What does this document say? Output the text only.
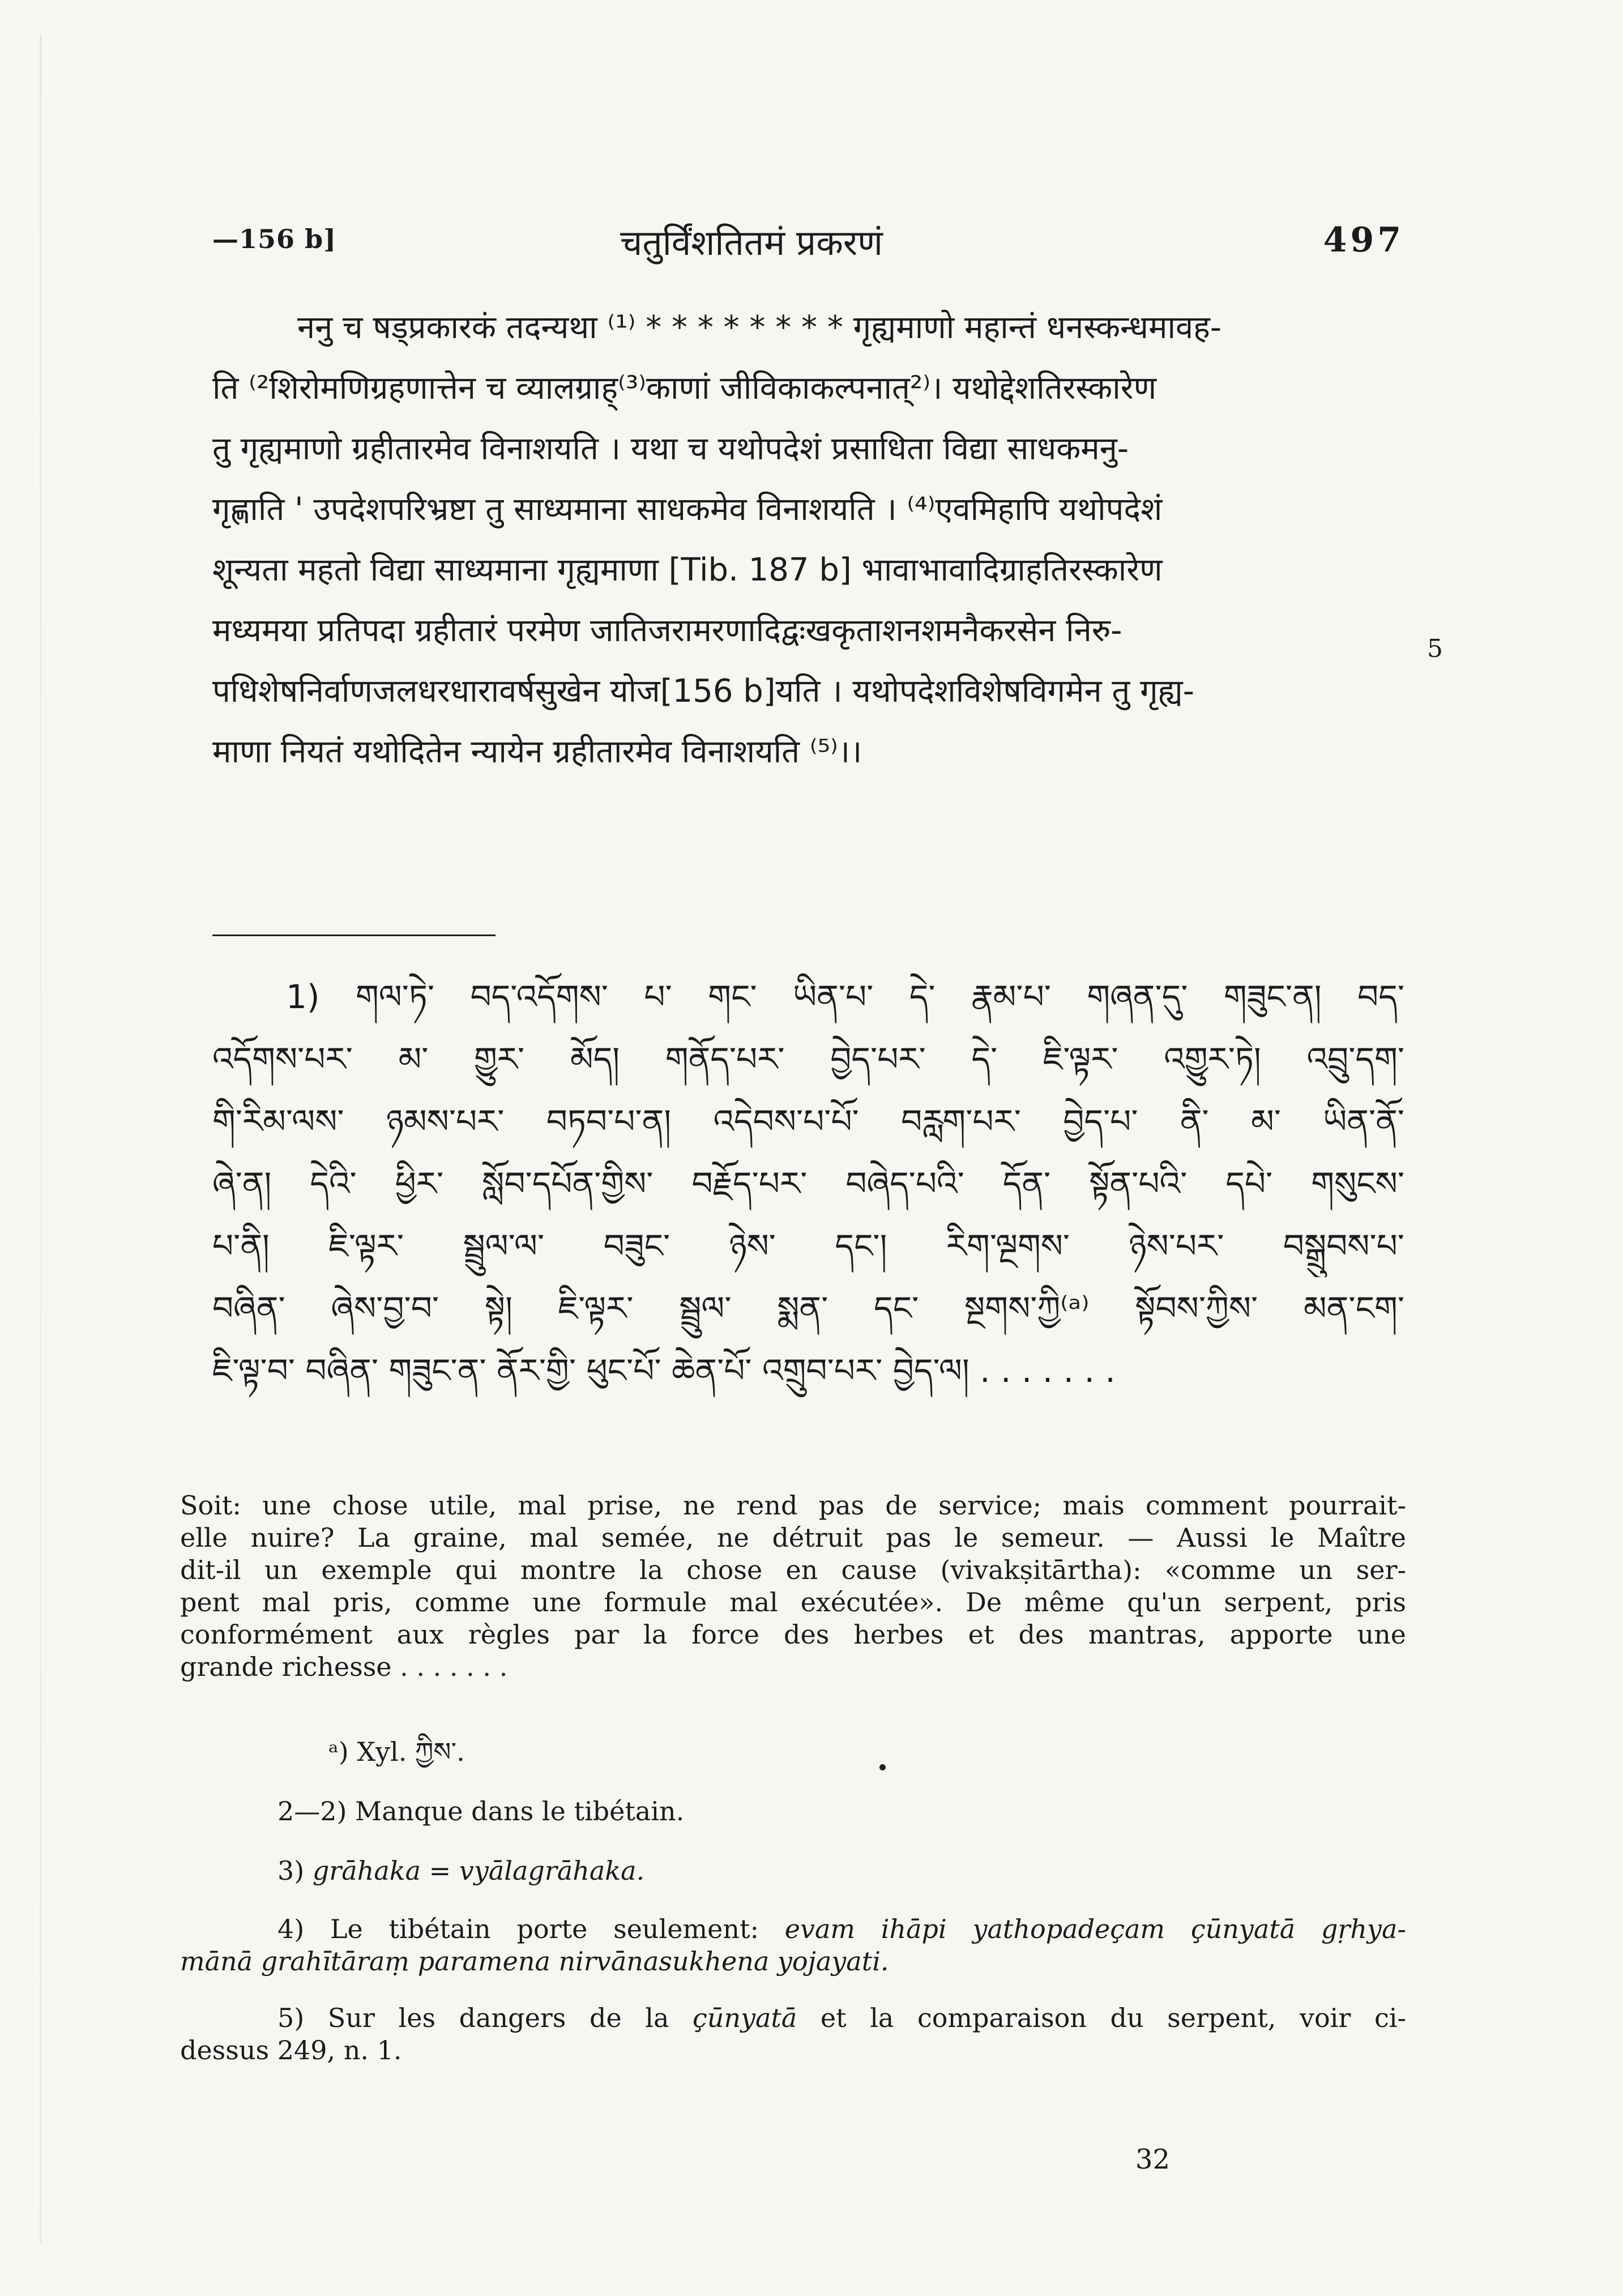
—156 b]	चतुर्विंशतितमं प्रकरणं	497
ननु च षड्प्रकारकं तदन्यथा ⁽¹⁾ * * * * * * * * गृह्यमाणो महान्तं धनस्कन्धमावह-
ति ⁽²शिरोमणिग्रहणात्तेन च व्यालग्राह्⁽³⁾काणां जीविकाकल्पनात्²⁾। यथोद्देशतिरस्कारेण
तु गृह्यमाणो ग्रहीतारमेव विनाशयति । यथा च यथोपदेशं प्रसाधिता विद्या साधकमनु-
गृह्णाति ' उपदेशपरिभ्रष्टा तु साध्यमाना साधकमेव विनाशयति । ⁽⁴⁾एवमिहापि यथोपदेशं
शून्यता महतो विद्या साध्यमाना गृह्यमाणा [Tib. 187 b] भावाभावादिग्राहतिरस्कारेण
मध्यमया प्रतिपदा ग्रहीतारं परमेण जातिजरामरणादिद्वःखकृताशनशमनैकरसेन निरु-
पधिशेषनिर्वाणजलधरधारावर्षसुखेन योज[156 b]यति । यथोपदेशविशेषविगमेन तु गृह्य-
माणा नियतं यथोदितेन न्यायेन ग्रहीतारमेव विनाशयति ⁽⁵⁾।।
5
1) གལ་ཏེ་ བད་འདོགས་ པ་ གང་ ཡིན་པ་ དེ་ རྣམ་པ་ གཞན་དུ་ གཟུང་ན། བད་
འདོགས་པར་ མ་ གྱུར་ མོད། གནོད་པར་ བྱེད་པར་ དེ་ ཇི་ལྟར་ འགྱུར་ཏེ། འབྲུ་དག་
གི་རིམ་ལས་ ཉམས་པར་ བཏབ་པ་ན། འདེབས་པ་པོ་ བརླག་པར་ བྱེད་པ་ ནི་ མ་ ཡིན་ནོ་
ཞེ་ན། དེའི་ ཕྱིར་ སློབ་དཔོན་གྱིས་ བརྗོད་པར་ བཞེད་པའི་ དོན་ སྟོན་པའི་ དཔེ་ གསུངས་
པ་ནི། ཇི་ལྟར་ སྦྲུལ་ལ་ བཟུང་ ཉེས་ དང་། རིག་ལྔགས་ ཉེས་པར་ བསྒྲུབས་པ་
བཞིན་ ཞེས་བྱ་བ་ སྟེ། ཇི་ལྟར་ སྦྲུལ་ སྨན་ དང་ སྔགས་ཀྱི⁽ᵃ⁾ སྟོབས་ཀྱིས་ མན་ངག་
ཇི་ལྟ་བ་ བཞིན་ གཟུང་ན་ ནོར་གྱི་ ཕུང་པོ་ ཆེན་པོ་ འགྲུབ་པར་ བྱེད་ལ། . . . . . . .
Soit: une chose utile, mal prise, ne rend pas de service; mais comment pourrait-
elle nuire? La graine, mal semée, ne détruit pas le semeur. — Aussi le Maître
dit-il un exemple qui montre la chose en cause (vivakṣitārtha): «comme un ser-
pent mal pris, comme une formule mal exécutée». De même qu'un serpent, pris
conformément aux règles par la force des herbes et des mantras, apporte une
grande richesse . . . . . . .
ᵃ) Xyl. ཀྱིས་.
2—2) Manque dans le tibétain.
3) grāhaka = vyālagrāhaka.
4) Le tibétain porte seulement: evam ihāpi yathopadeçam çūnyatā gṛhya-
mānā grahītāraṃ paramena nirvānasukhena yojayati.
5) Sur les dangers de la çūnyatā et la comparaison du serpent, voir ci-
dessus 249, n. 1.
32
